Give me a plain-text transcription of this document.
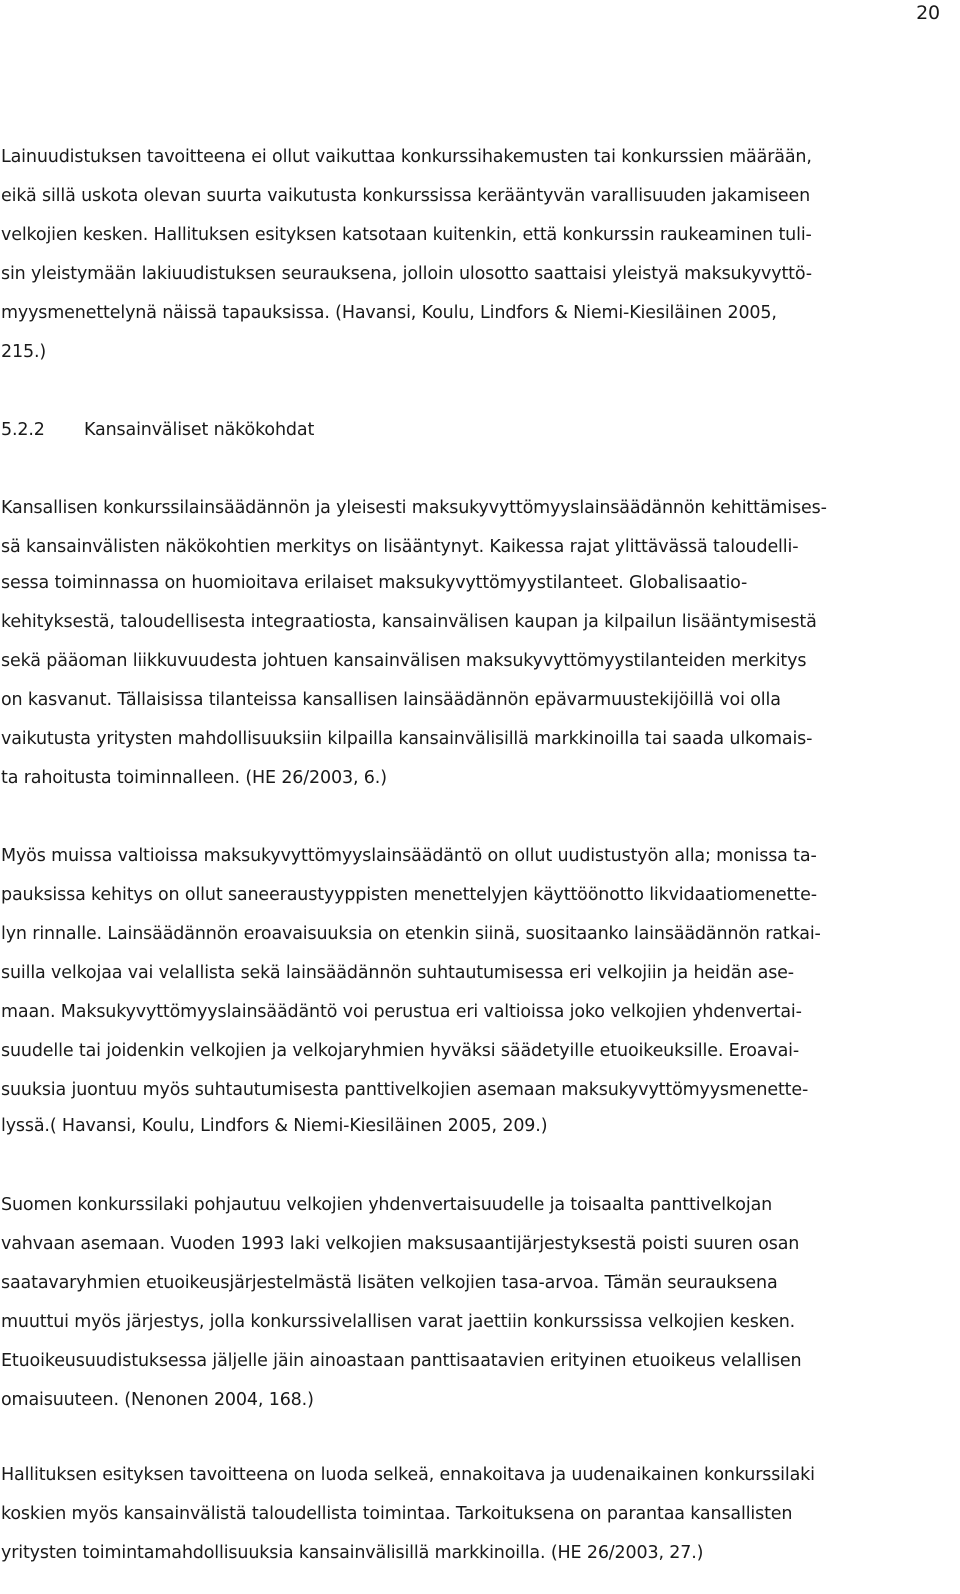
20
Lainuudistuksen tavoitteena ei ollut vaikuttaa konkurssihakemusten tai konkurssien määrään,
eikä sillä uskota olevan suurta vaikutusta konkurssissa kerääntyvän varallisuuden jakamiseen
velkojien kesken. Hallituksen esityksen katsotaan kuitenkin, että konkurssin raukeaminen tuli-
sin yleistymään lakiuudistuksen seurauksena, jolloin ulosotto saattaisi yleistyä maksukyvyttö-
myysmenettelynä näissä tapauksissa. (Havansi, Koulu, Lindfors & Niemi-Kiesiläinen 2005,
215.)
5.2.2 Kansainväliset näkökohdat
Kansallisen konkurssilainsäädännön ja yleisesti maksukyvyttömyyslainsäädännön kehittämises-
sä kansainvälisten näkökohtien merkitys on lisääntynyt. Kaikessa rajat ylittävässä taloudelli-
sessa toiminnassa on huomioitava erilaiset maksukyvyttömyystilanteet. Globalisaatio-
kehityksestä, taloudellisesta integraatiosta, kansainvälisen kaupan ja kilpailun lisääntymisestä
sekä pääoman liikkuvuudesta johtuen kansainvälisen maksukyvyttömyystilanteiden merkitys
on kasvanut. Tällaisissa tilanteissa kansallisen lainsäädännön epävarmuustekijöillä voi olla
vaikutusta yritysten mahdollisuuksiin kilpailla kansainvälisillä markkinoilla tai saada ulkomais-
ta rahoitusta toiminnalleen. (HE 26/2003, 6.)
Myös muissa valtioissa maksukyvyttömyyslainsäädäntö on ollut uudistustyön alla; monissa ta-
pauksissa kehitys on ollut saneeraustyyppisten menettelyjen käyttöönotto likvidaatiomenette-
lyn rinnalle. Lainsäädännön eroavaisuuksia on etenkin siinä, suositaanko lainsäädännön ratkai-
suilla velkojaa vai velallista sekä lainsäädännön suhtautumisessa eri velkojiin ja heidän ase-
maan. Maksukyvyttömyyslainsäädäntö voi perustua eri valtioissa joko velkojien yhdenvertai-
suudelle tai joidenkin velkojien ja velkojaryhmien hyväksi säädetyille etuoikeuksille. Eroavai-
suuksia juontuu myös suhtautumisesta panttivelkojien asemaan maksukyvyttömyysmenette-
lyssä.( Havansi, Koulu, Lindfors & Niemi-Kiesiläinen 2005, 209.)
Suomen konkurssilaki pohjautuu velkojien yhdenvertaisuudelle ja toisaalta panttivelkojan
vahvaan asemaan. Vuoden 1993 laki velkojien maksusaantijärjestyksestä poisti suuren osan
saatavaryhmien etuoikeusjärjestelmästä lisäten velkojien tasa-arvoa. Tämän seurauksena
muuttui myös järjestys, jolla konkurssivelallisen varat jaettiin konkurssissa velkojien kesken.
Etuoikeusuudistuksessa jäljelle jäin ainoastaan panttisaatavien erityinen etuoikeus velallisen
omaisuuteen. (Nenonen 2004, 168.)
Hallituksen esityksen tavoitteena on luoda selkeä, ennakoitava ja uudenaikainen konkurssilaki
koskien myös kansainvälistä taloudellista toimintaa. Tarkoituksena on parantaa kansallisten
yritysten toimintamahdollisuuksia kansainvälisillä markkinoilla. (HE 26/2003, 27.)
